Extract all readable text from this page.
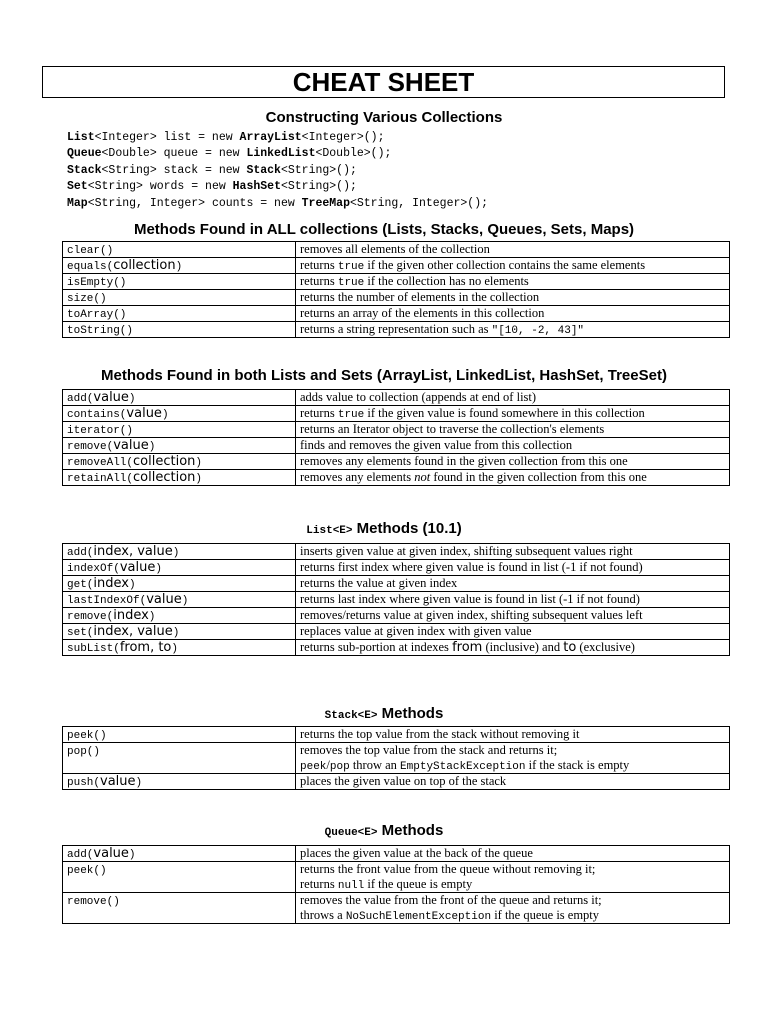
CHEAT SHEET
Constructing Various Collections
List<Integer> list = new ArrayList<Integer>();
Queue<Double> queue = new LinkedList<Double>();
Stack<String> stack = new Stack<String>();
Set<String> words = new HashSet<String>();
Map<String, Integer> counts = new TreeMap<String, Integer>();
Methods Found in ALL collections (Lists, Stacks, Queues, Sets, Maps)
clear()	removes all elements of the collection

equals(collection)	returns true if the given other collection contains the same elements

isEmpty()	returns true if the collection has no elements

size()	returns the number of elements in the collection

toArray()	returns an array of the elements in this collection

toString()	returns a string representation such as "[10, -2, 43]"
Methods Found in both Lists and Sets (ArrayList, LinkedList, HashSet, TreeSet)
add(value)	adds value to collection (appends at end of list)

contains(value)	returns true if the given value is found somewhere in this collection

iterator()	returns an Iterator object to traverse the collection's elements

remove(value)	finds and removes the given value from this collection

removeAll(collection)	removes any elements found in the given collection from this one

retainAll(collection)	removes any elements not found in the given collection from this one
List<E> Methods (10.1)
add(index, value)	inserts given value at given index, shifting subsequent values right

indexOf(value)	returns first index where given value is found in list (-1 if not found)

get(index)	returns the value at given index

lastIndexOf(value)	returns last index where given value is found in list (-1 if not found)

remove(index)	removes/returns value at given index, shifting subsequent values left

set(index, value)	replaces value at given index with given value

subList(from, to)	returns sub-portion at indexes from (inclusive) and to (exclusive)
Stack<E> Methods
peek()	returns the top value from the stack without removing it

pop()	removes the top value from the stack and returns it;
peek/pop throw an EmptyStackException if the stack is empty

push(value)	places the given value on top of the stack
Queue<E> Methods
add(value)	places the given value at the back of the queue

peek()	returns the front value from the queue without removing it;
returns null if the queue is empty

remove()	removes the value from the front of the queue and returns it;
throws a NoSuchElementException if the queue is empty
